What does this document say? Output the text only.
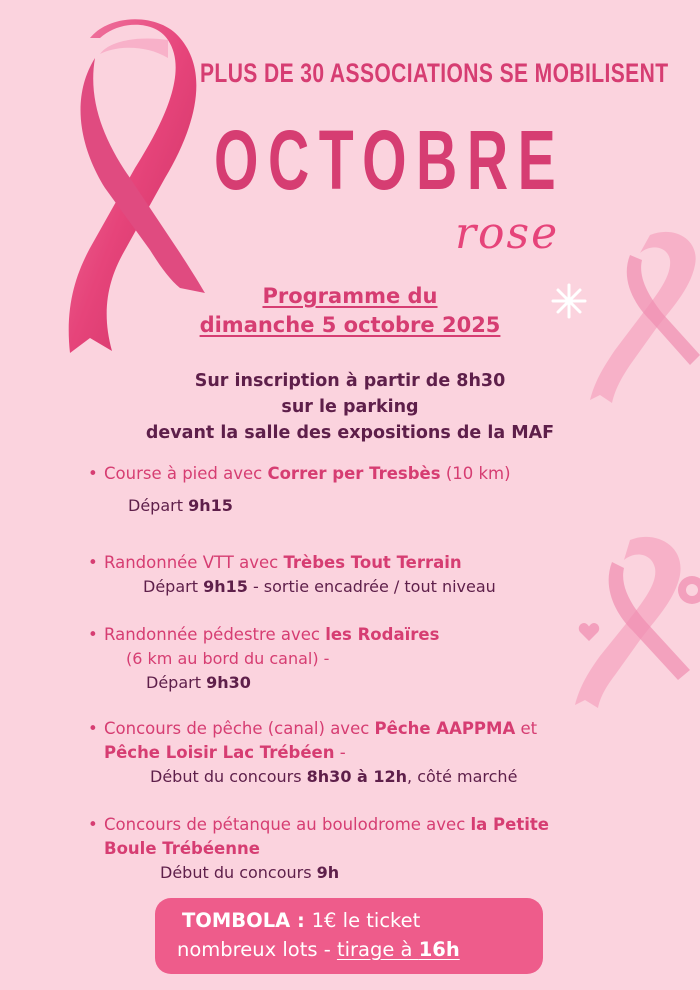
PLUS DE 30 ASSOCIATIONS SE MOBILISENT
OCTOBRE
rose
Programme du
dimanche 5 octobre 2025
Sur inscription à partir de 8h30
sur le parking
devant la salle des expositions de la MAF
• Course à pied avec Correr per Tresbès (10 km)
Départ 9h15
• Randonnée VTT avec Trèbes Tout Terrain
Départ 9h15 - sortie encadrée / tout niveau
• Randonnée pédestre avec les Rodaïres
(6 km au bord du canal) -
Départ 9h30
• Concours de pêche (canal) avec Pêche AAPPMA et
Pêche Loisir Lac Trébéen -
Début du concours 8h30 à 12h, côté marché
• Concours de pétanque au boulodrome avec la Petite
Boule Trébéenne
Début du concours 9h
TOMBOLA : 1€ le ticket
nombreux lots - tirage à 16h
